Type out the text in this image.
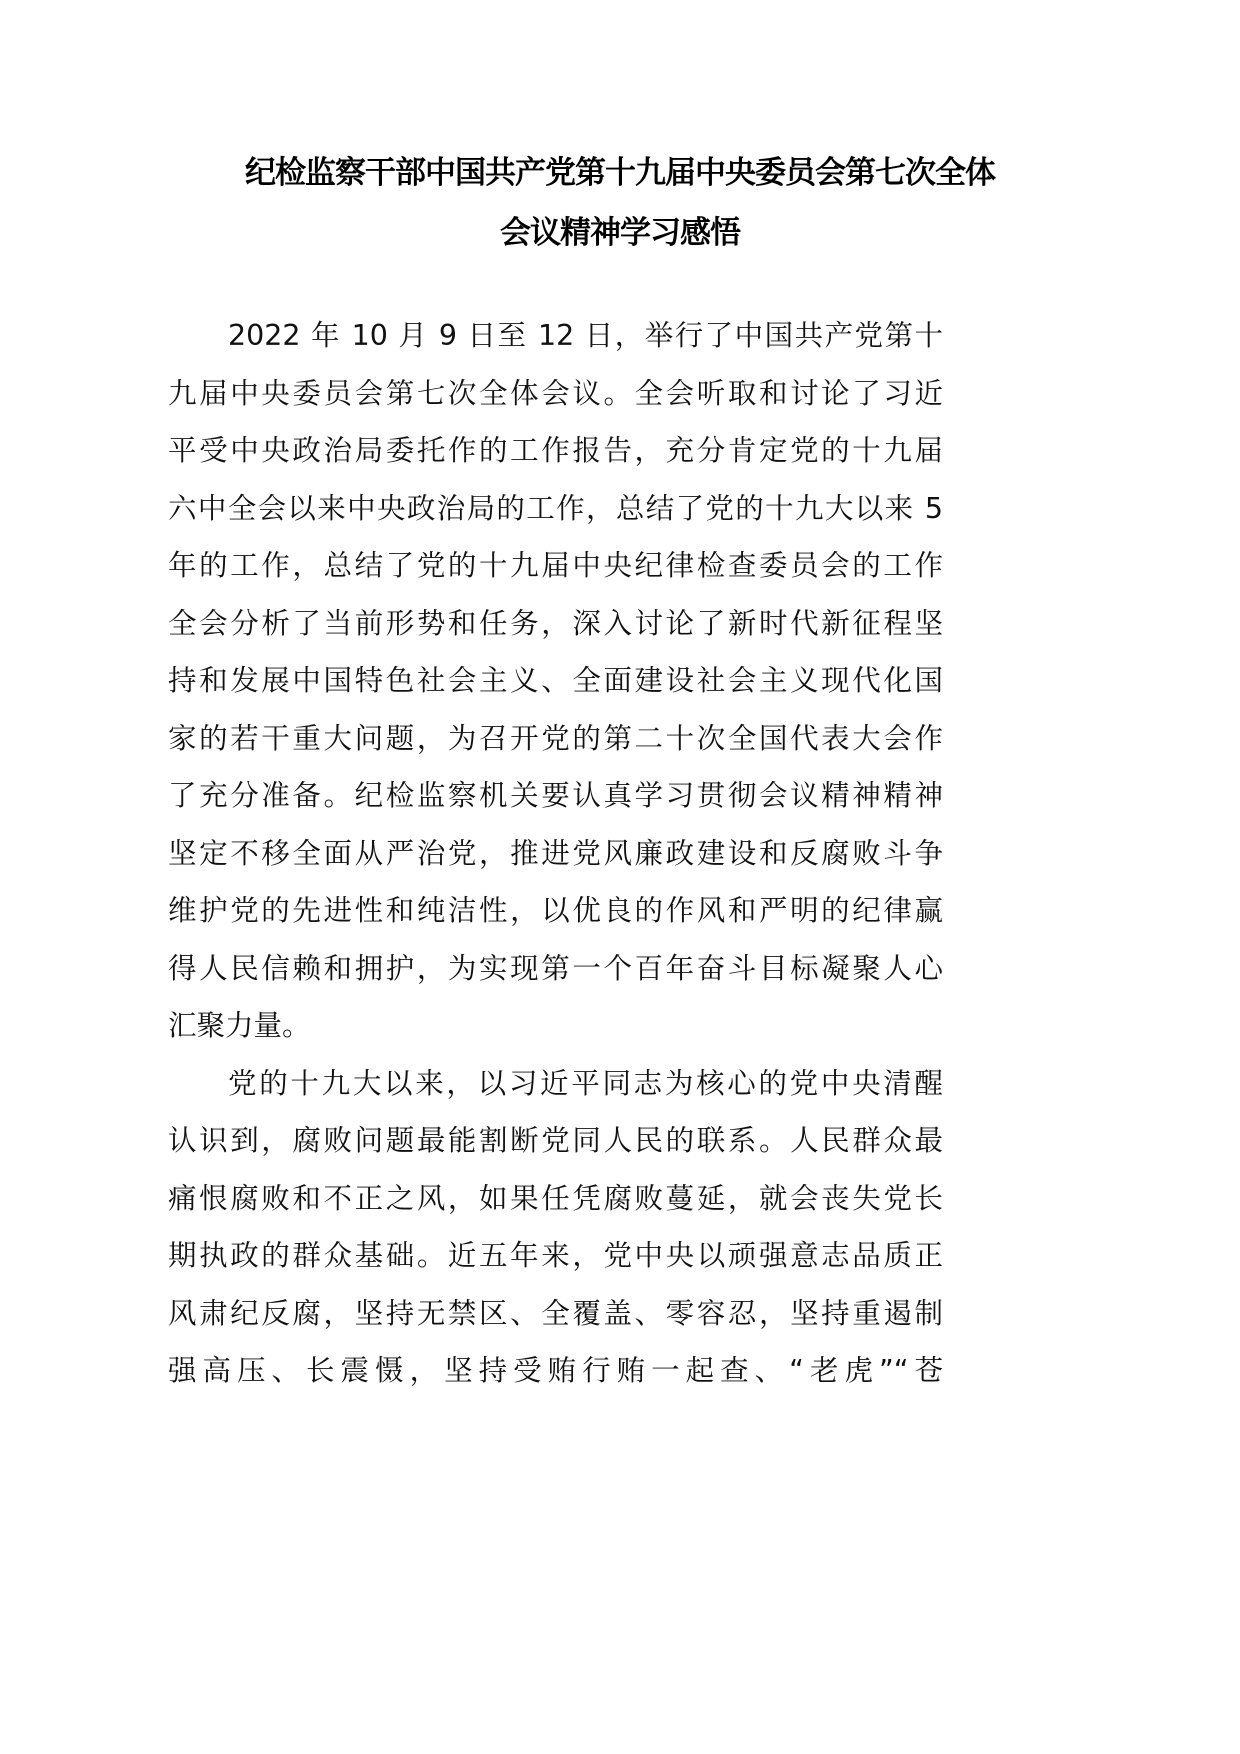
纪检监察干部中国共产党第十九届中央委员会第七次全体
会议精神学习感悟
2022 年 10 月 9 日至 12 日，举行了中国共产党第十
九届中央委员会第七次全体会议。全会听取和讨论了习近
平受中央政治局委托作的工作报告，充分肯定党的十九届
六中全会以来中央政治局的工作，总结了党的十九大以来 5
年的工作，总结了党的十九届中央纪律检查委员会的工作
全会分析了当前形势和任务，深入讨论了新时代新征程坚
持和发展中国特色社会主义、全面建设社会主义现代化国
家的若干重大问题，为召开党的第二十次全国代表大会作
了充分准备。纪检监察机关要认真学习贯彻会议精神精神
坚定不移全面从严治党，推进党风廉政建设和反腐败斗争
维护党的先进性和纯洁性，以优良的作风和严明的纪律赢
得人民信赖和拥护，为实现第一个百年奋斗目标凝聚人心
汇聚力量。
党的十九大以来，以习近平同志为核心的党中央清醒
认识到，腐败问题最能割断党同人民的联系。人民群众最
痛恨腐败和不正之风，如果任凭腐败蔓延，就会丧失党长
期执政的群众基础。近五年来，党中央以顽强意志品质正
风肃纪反腐，坚持无禁区、全覆盖、零容忍，坚持重遏制
强高压、长震慑，坚持受贿行贿一起查、“老虎”“苍
